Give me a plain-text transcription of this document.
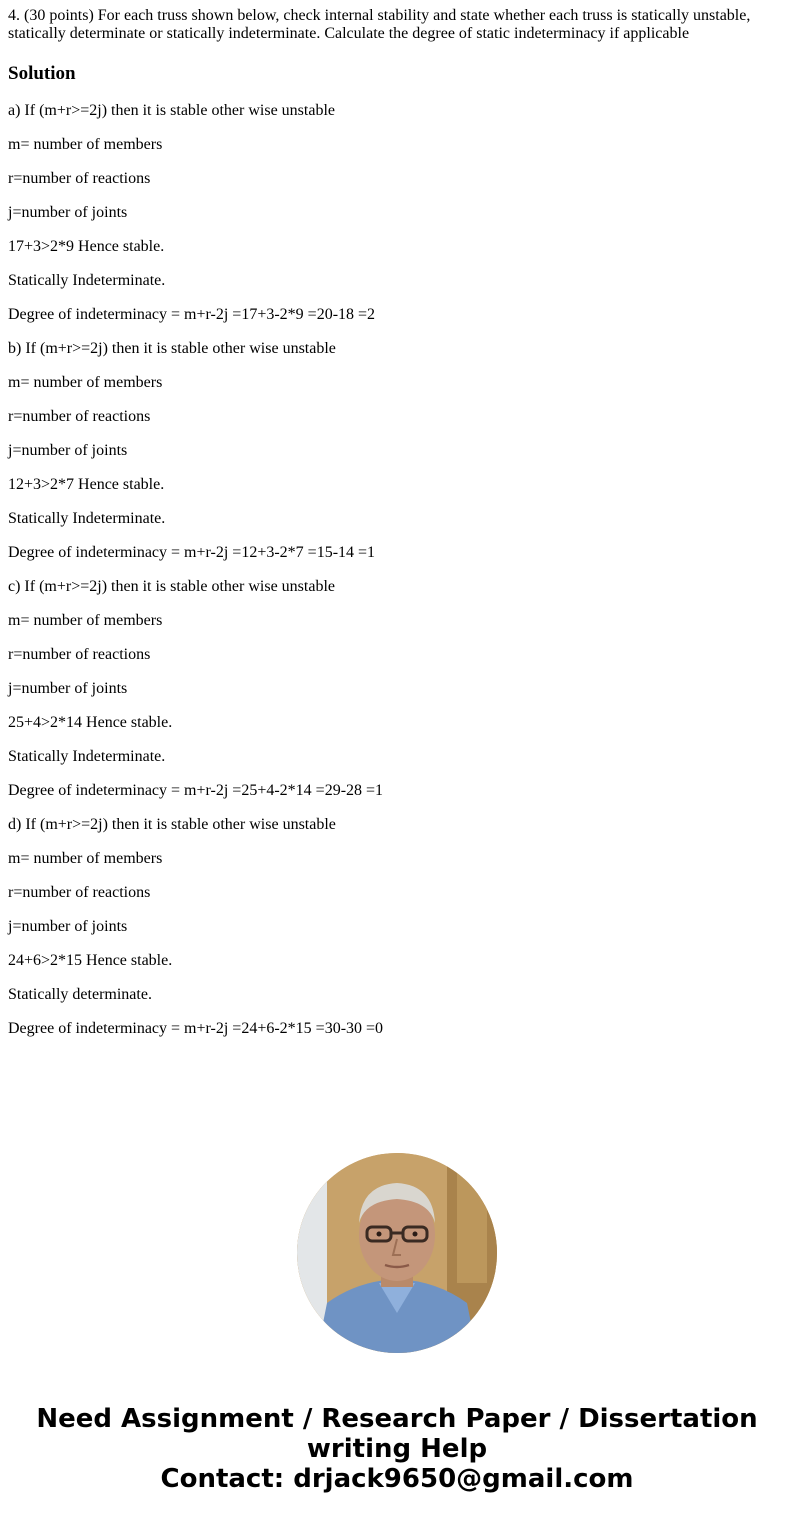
4. (30 points) For each truss shown below, check internal stability and state whether each truss is statically unstable, statically determinate or statically indeterminate. Calculate the degree of static indeterminacy if applicable

Solution
a) If (m+r>=2j) then it is stable other wise unstable
m= number of members
r=number of reactions
j=number of joints
17+3>2*9 Hence stable.
Statically Indeterminate.
Degree of indeterminacy = m+r-2j =17+3-2*9 =20-18 =2
b) If (m+r>=2j) then it is stable other wise unstable
m= number of members
r=number of reactions
j=number of joints
12+3>2*7 Hence stable.
Statically Indeterminate.
Degree of indeterminacy = m+r-2j =12+3-2*7 =15-14 =1
c) If (m+r>=2j) then it is stable other wise unstable
m= number of members
r=number of reactions
j=number of joints
25+4>2*14 Hence stable.
Statically Indeterminate.
Degree of indeterminacy = m+r-2j =25+4-2*14 =29-28 =1
d) If (m+r>=2j) then it is stable other wise unstable
m= number of members
r=number of reactions
j=number of joints
24+6>2*15 Hence stable.
Statically determinate.
Degree of indeterminacy = m+r-2j =24+6-2*15 =30-30 =0
Need Assignment / Research Paper / Dissertation
writing Help
Contact: drjack9650@gmail.com
